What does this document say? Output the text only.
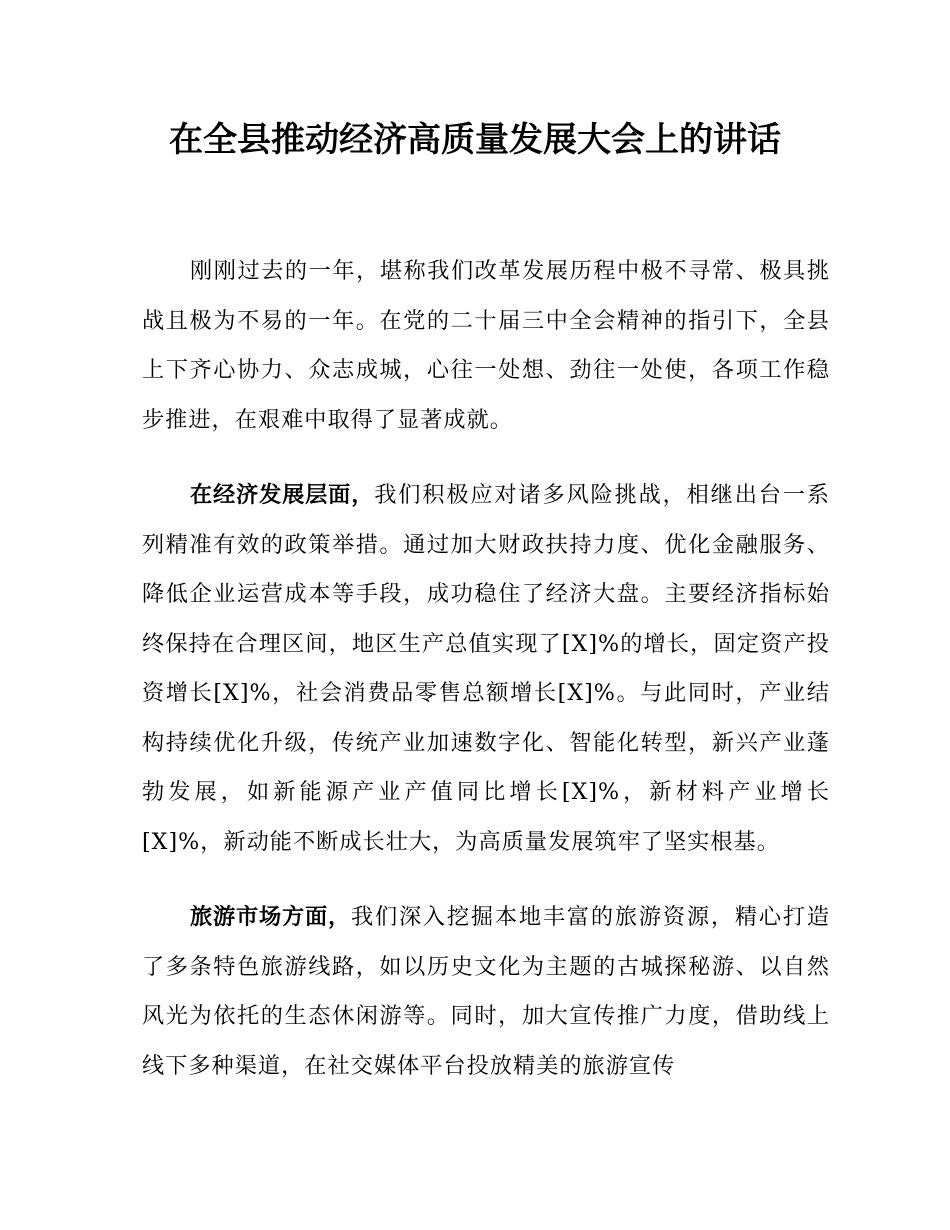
在全县推动经济高质量发展大会上的讲话

刚刚过去的一年，堪称我们改革发展历程中极不寻常、极具挑战且极为不易的一年。在党的二十届三中全会精神的指引下，全县上下齐心协力、众志成城，心往一处想、劲往一处使，各项工作稳步推进，在艰难中取得了显著成就。

在经济发展层面，我们积极应对诸多风险挑战，相继出台一系列精准有效的政策举措。通过加大财政扶持力度、优化金融服务、降低企业运营成本等手段，成功稳住了经济大盘。主要经济指标始终保持在合理区间，地区生产总值实现了[X]%的增长，固定资产投资增长[X]%，社会消费品零售总额增长[X]%。与此同时，产业结构持续优化升级，传统产业加速数字化、智能化转型，新兴产业蓬勃发展，如新能源产业产值同比增长[X]%，新材料产业增长[X]%，新动能不断成长壮大，为高质量发展筑牢了坚实根基。

旅游市场方面，我们深入挖掘本地丰富的旅游资源，精心打造了多条特色旅游线路，如以历史文化为主题的古城探秘游、以自然风光为依托的生态休闲游等。同时，加大宣传推广力度，借助线上线下多种渠道，在社交媒体平台投放精美的旅游宣传
